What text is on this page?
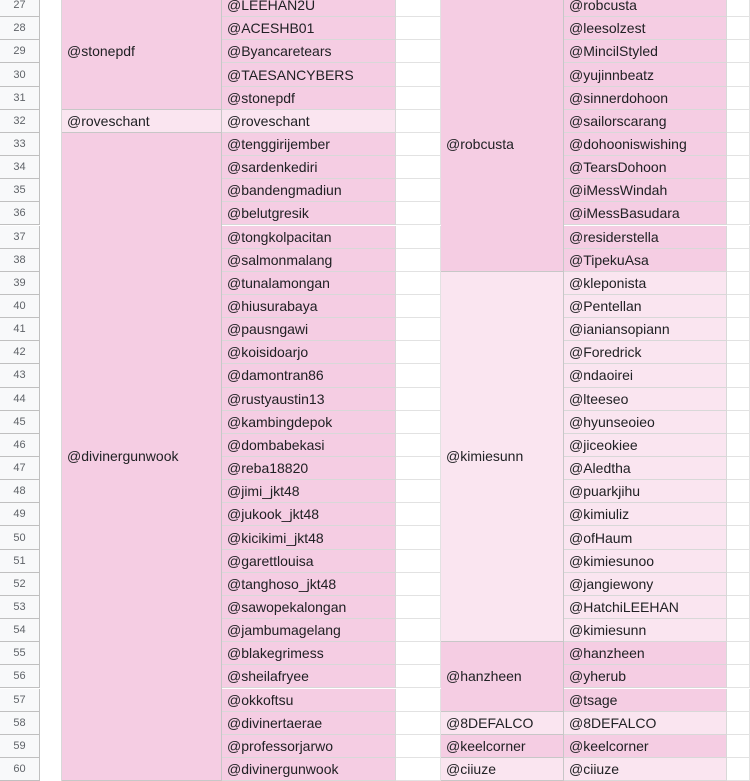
27
28
29
30
31
32
33
34
35
36
37
38
39
40
41
42
43
44
45
46
47
48
49
50
51
52
53
54
55
56
57
58
59
60
@stonepdf
@roveschant
@divinergunwook
@robcusta
@kimiesunn
@hanzheen
@8DEFALCO
@keelcorner
@ciiuze
@LEEHAN2U
@ACESHB01
@Byancaretears
@TAESANCYBERS
@stonepdf
@roveschant
@tenggirijember
@sardenkediri
@bandengmadiun
@belutgresik
@tongkolpacitan
@salmonmalang
@tunalamongan
@hiusurabaya
@pausngawi
@koisidoarjo
@damontran86
@rustyaustin13
@kambingdepok
@dombabekasi
@reba18820
@jimi_jkt48
@jukook_jkt48
@kicikimi_jkt48
@garettlouisa
@tanghoso_jkt48
@sawopekalongan
@jambumagelang
@blakegrimess
@sheilafryee
@okkoftsu
@divinertaerae
@professorjarwo
@divinergunwook
@robcusta
@leesolzest
@MincilStyled
@yujinnbeatz
@sinnerdohoon
@sailorscarang
@dohooniswishing
@TearsDohoon
@iMessWindah
@iMessBasudara
@residerstella
@TipekuAsa
@kleponista
@Pentellan
@ianiansopiann
@Foredrick
@ndaoirei
@lteeseo
@hyunseoieo
@jiceokiee
@Aledtha
@puarkjihu
@kimiuliz
@ofHaum
@kimiesunoo
@jangiewony
@HatchiLEEHAN
@kimiesunn
@hanzheen
@yherub
@tsage
@8DEFALCO
@keelcorner
@ciiuze
